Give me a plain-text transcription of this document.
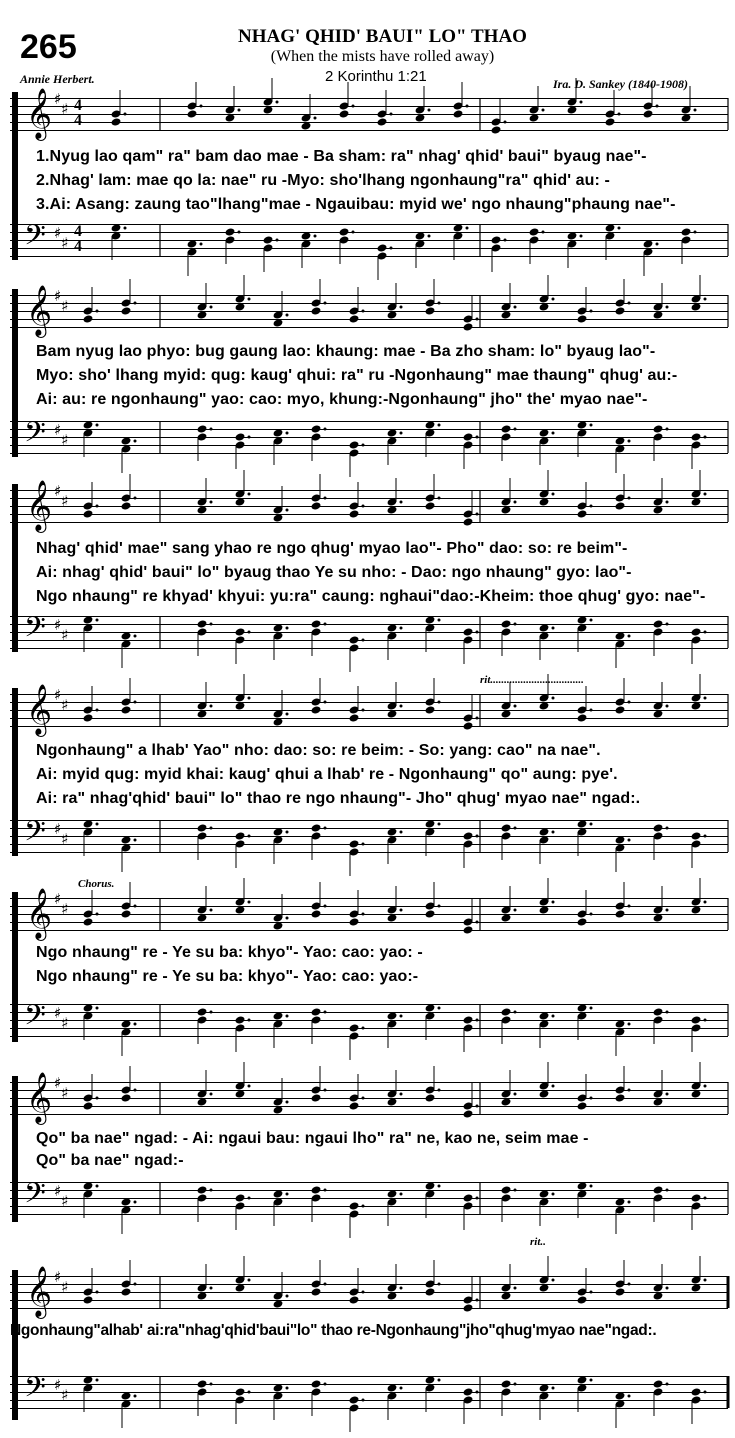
265	NHAG' QHID' BAUI" LO" THAO
(When the mists have rolled away)
2 Korinthu 1:21
Annie Herbert.	Ira. D. Sankey (1840-1908)
𝄞 ♯♯ 4
4
1.Nyug lao qam" ra" bam dao mae - Ba sham: ra" nhag' qhid' baui" byaug nae"-
2.Nhag' lam: mae qo la: nae" ru -Myo: sho'lhang ngonhaung"ra" qhid' au: -
3.Ai: Asang: zaung tao"lhang"mae - Ngauibau: myid we' ngo nhaung"phaung nae"-
𝄢 ♯♯
4
4
𝄞 ♯♯
Bam nyug lao phyo: bug gaung lao: khaung: mae - Ba zho sham: lo" byaug lao"-
Myo: sho' lhang myid: qug: kaug' qhui: ra" ru -Ngonhaung" mae thaung" qhug' au:-
Ai: au: re ngonhaung" yao: cao: myo, khung:-Ngonhaung" jho" the' myao nae"-
𝄢 ♯♯
𝄞 ♯♯
Nhag' qhid' mae" sang yhao re ngo qhug' myao lao"- Pho" dao: so: re beim"-
Ai: nhag' qhid' baui" lo" byaug thao Ye su nho: - Dao: ngo nhaung" gyo: lao"-
Ngo nhaung" re khyad' khyui: yu:ra" caung: nghaui"dao:-Kheim: thoe qhug' gyo: nae"-
𝄢 ♯♯
rit..................................
𝄞 ♯♯
Ngonhaung" a lhab' Yao" nho: dao: so: re beim: - So: yang: cao" na nae".
Ai: myid qug: myid khai: kaug' qhui a lhab' re - Ngonhaung" qo" aung: pye'.
Ai: ra" nhag'qhid' baui" lo" thao re ngo nhaung"- Jho" qhug' myao nae" ngad:.
𝄢 ♯♯
Chorus.
𝄞 ♯♯
Ngo nhaung" re - Ye su ba: khyo"- Yao: cao: yao: -
Ngo nhaung" re - Ye su ba: khyo"- Yao: cao: yao:-
𝄢 ♯♯
𝄞 ♯♯
Qo" ba nae" ngad: - Ai: ngaui bau: ngaui lho" ra" ne, kao ne, seim mae -
Qo" ba nae" ngad:-
𝄢 ♯♯
rit..
𝄞 ♯♯
Ngonhaung"alhab' ai:ra"nhag'qhid'baui"lo" thao re-Ngonhaung"jho"qhug'myao nae"ngad:.
𝄢 ♯♯
